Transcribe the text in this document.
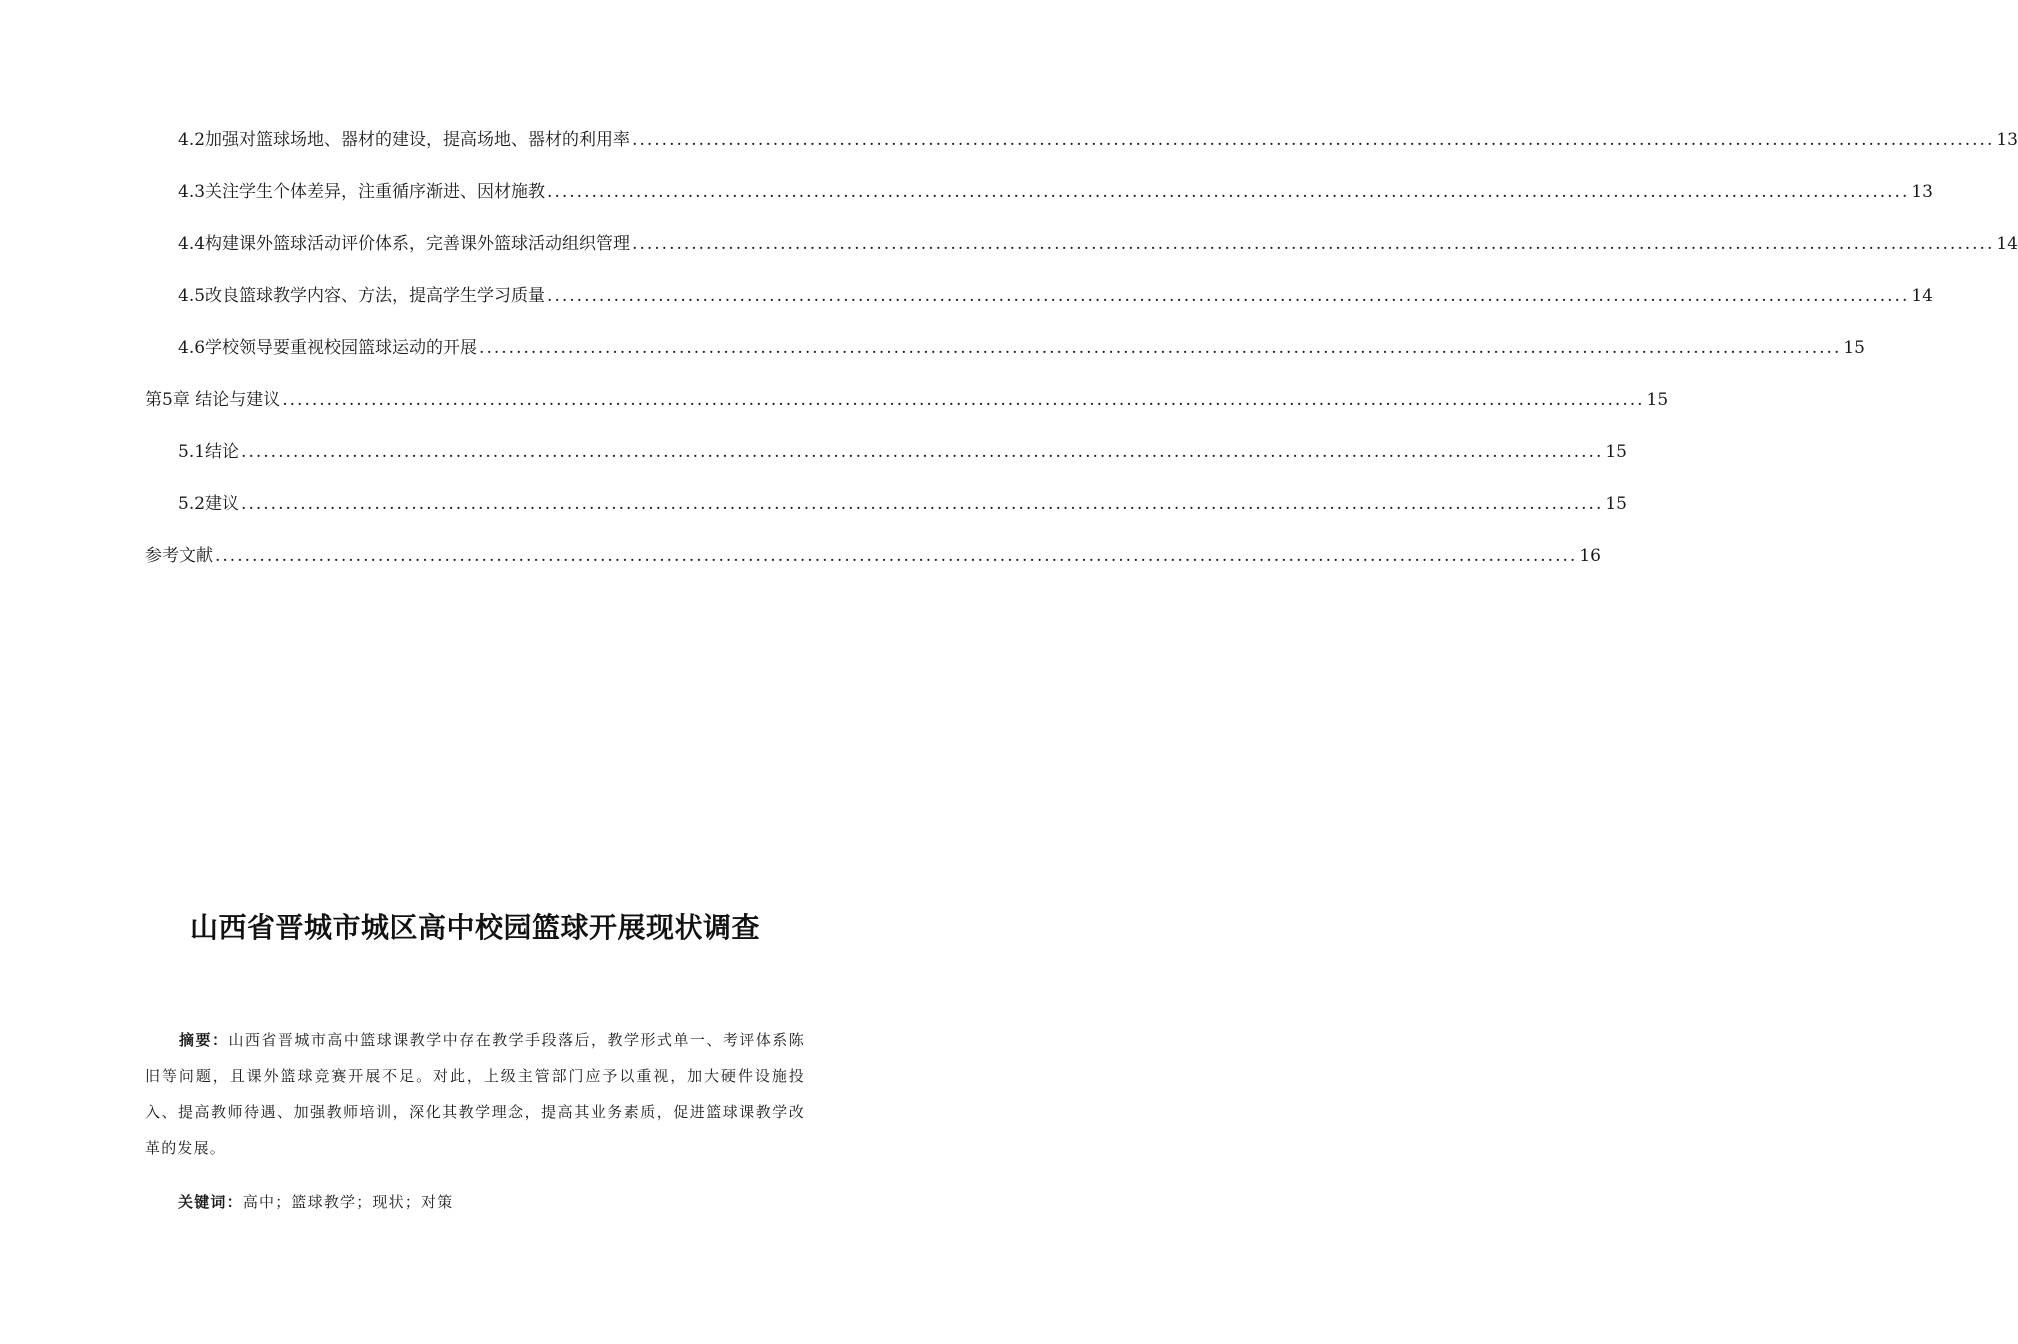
4.2加强对篮球场地、器材的建设，提高场地、器材的利用率 ........................................................................................................................................................................................ 13
4.3关注学生个体差异，注重循序渐进、因材施教 ........................................................................................................................................................................................ 13
4.4构建课外篮球活动评价体系，完善课外篮球活动组织管理 ........................................................................................................................................................................................ 14
4.5改良篮球教学内容、方法，提高学生学习质量 ........................................................................................................................................................................................ 14
4.6学校领导要重视校园篮球运动的开展 ........................................................................................................................................................................................ 15
第5章 结论与建议 ........................................................................................................................................................................................ 15
5.1结论 ........................................................................................................................................................................................ 15
5.2建议 ........................................................................................................................................................................................ 15
参考文献 ........................................................................................................................................................................................ 16
山西省晋城市城区高中校园篮球开展现状调查

摘要：山西省晋城市高中篮球课教学中存在教学手段落后，教学形式单一、考评体系陈旧等问题，且课外篮球竞赛开展不足。对此，上级主管部门应予以重视，加大硬件设施投入、提高教师待遇、加强教师培训，深化其教学理念，提高其业务素质，促进篮球课教学改革的发展。

关键词：高中；篮球教学；现状；对策
